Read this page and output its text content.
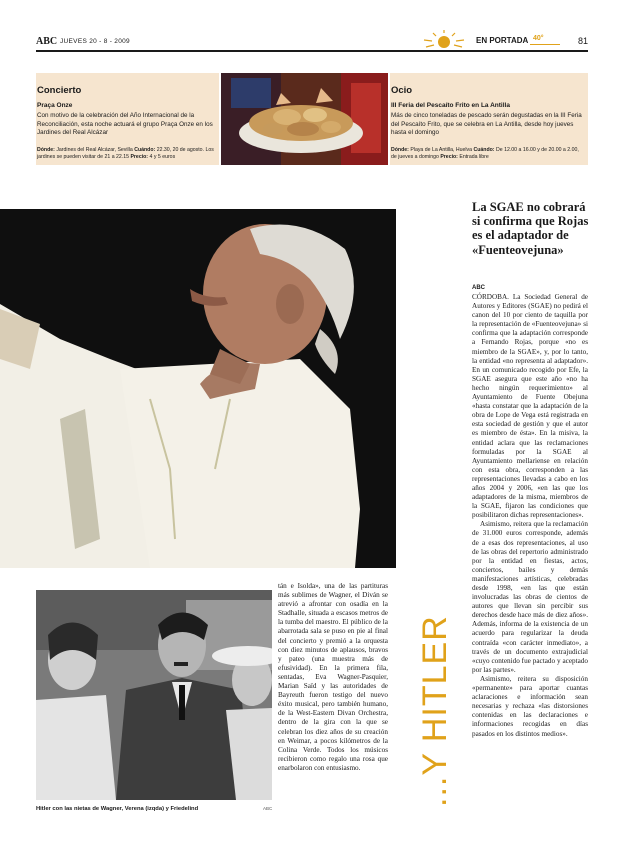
ABC JUEVES 20 - 8 - 2009	EN PORTADA 40°	81
Concierto
Praça Onze
Con motivo de la celebración del Año Internacional de la Reconciliación, esta noche actuará el grupo Praça Onze en los Jardines del Real Alcázar
Dónde: Jardines del Real Alcázar, Sevilla Cuándo: 22.30, 20 de agosto. Los jardines se pueden visitar de 21 a 22.15 Precio: 4 y 5 euros
Ocio
III Feria del Pescaíto Frito en La Antilla
Más de cinco toneladas de pescado serán degustadas en la III Feria del Pescaíto Frito, que se celebra en La Antilla, desde hoy jueves hasta el domingo
Dónde: Playa de La Antilla, Huelva Cuándo: De 12.00 a 16.00 y de 20.00 a 2.00, de jueves a domingo Precio: Entrada libre
Hitler con las nietas de Wagner, Verena (izqda) y Friedelind	ABC
tán e Isolda», una de las partituras más sublimes de Wagner, el Diván se atrevió a afrontar con osadía en la Stadhalle, situada a escasos metros de la tumba del maestro. El público de la abarrotada sala se puso en pie al final del concierto y premió a la orquesta con diez minutos de aplausos, bravos y pateo (una muestra más de efusividad). En la primera fila, sentadas, Eva Wagner-Pasquier, Marian Saïd y las autoridades de Bayreuth fueron testigo del nuevo éxito musical, pero también humano, de la West-Eastern Divan Orchestra, dentro de la gira con la que se celebran los diez años de su creación en Weimar, a pocos kilómetros de la Colina Verde. Todos los músicos recibieron como regalo una rosa que enarbolaron con entusiasmo.	...Y HITLER
La SGAE no cobrará si confirma que Rojas es el adaptador de «Fuenteovejuna»
ABC

CÓRDOBA. La Sociedad General de Autores y Editores (SGAE) no pedirá el canon del 10 por ciento de taquilla por la representación de «Fuenteovejuna» si confirma que la adaptación corresponde a Fernando Rojas, porque «no es miembro de la SGAE», y, por lo tanto, la entidad «no representa al adaptador». En un comunicado recogido por Efe, la SGAE asegura que este año «no ha hecho ningún requerimiento» al Ayuntamiento de Fuente Obejuna «hasta constatar que la adaptación de la obra de Lope de Vega está registrada en esta sociedad de gestión y que el autor es miembro de ésta». En la misiva, la entidad aclara que las reclamaciones formuladas por la SGAE al Ayuntamiento mellariense en relación con esta obra, corresponden a las representaciones llevadas a cabo en los años 2004 y 2006, «en las que los adaptadores de la misma, miembros de la SGAE, fijaron las condiciones que posibilitaron dichas representaciones».

Asimismo, reitera que la reclamación de 31.000 euros corresponde, además de a esas dos representaciones, al uso de las obras del repertorio administrado por la entidad en fiestas, actos, conciertos, bailes y demás manifestaciones artísticas, celebradas desde 1998, «en las que están involucradas las obras de cientos de autores que llevan sin percibir sus derechos desde hace más de diez años». Además, informa de la existencia de un acuerdo para regularizar la deuda contraída «con carácter inmediato», a través de un documento extrajudicial «cuyo contenido fue pactado y aceptado por las partes».

Asimismo, reitera su disposición «permanente» para aportar cuantas aclaraciones e información sean necesarias y rechaza «las distorsiones contenidas en las declaraciones e informaciones recogidas en días pasados en los distintos medios».
